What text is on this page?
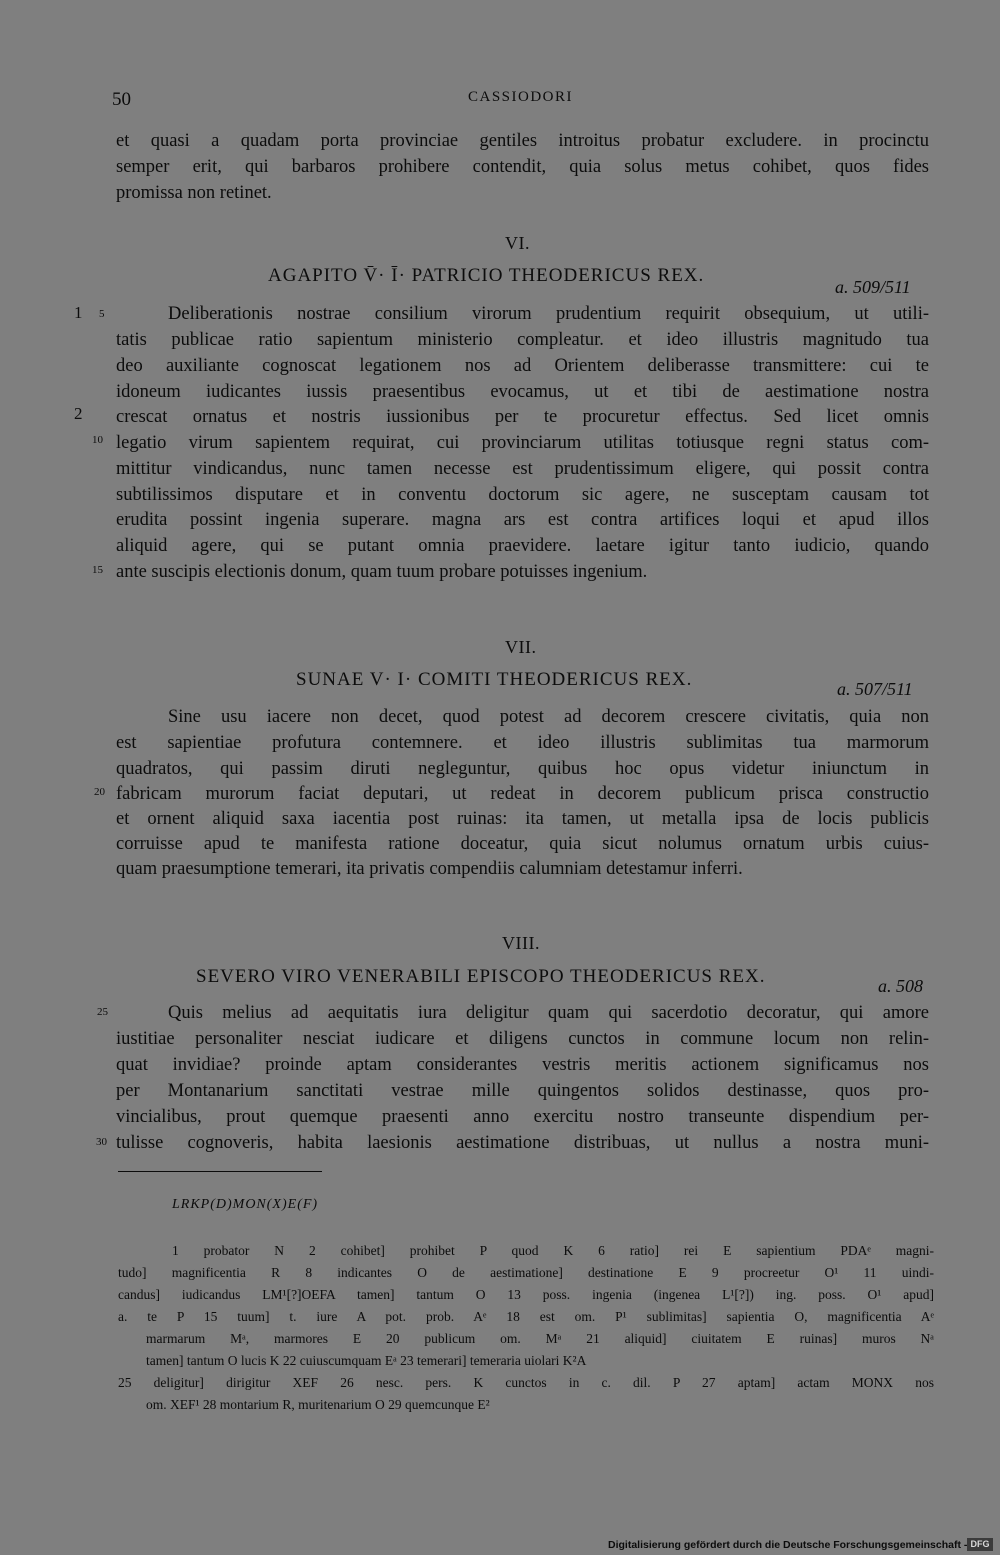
50	CASSIODORI
et quasi a quadam porta provinciae gentiles introitus probatur excludere. in procinctu
semper erit, qui barbaros prohibere contendit, quia solus metus cohibet, quos fides
promissa non retinet.
VI.
AGAPITO V̄· Ī· PATRICIO THEODERICUS REX.
a. 509/511
1 5
2
10
15
Deliberationis nostrae consilium virorum prudentium requirit obsequium, ut utili-
tatis publicae ratio sapientum ministerio compleatur. et ideo illustris magnitudo tua
deo auxiliante cognoscat legationem nos ad Orientem deliberasse transmittere: cui te
idoneum iudicantes iussis praesentibus evocamus, ut et tibi de aestimatione nostra
crescat ornatus et nostris iussionibus per te procuretur effectus. Sed licet omnis
legatio virum sapientem requirat, cui provinciarum utilitas totiusque regni status com-
mittitur vindicandus, nunc tamen necesse est prudentissimum eligere, qui possit contra
subtilissimos disputare et in conventu doctorum sic agere, ne susceptam causam tot
erudita possint ingenia superare. magna ars est contra artifices loqui et apud illos
aliquid agere, qui se putant omnia praevidere. laetare igitur tanto iudicio, quando
ante suscipis electionis donum, quam tuum probare potuisses ingenium.
VII.
SUNAE V· I· COMITI THEODERICUS REX.	a. 507/511
20
Sine usu iacere non decet, quod potest ad decorem crescere civitatis, quia non
est sapientiae profutura contemnere. et ideo illustris sublimitas tua marmorum
quadratos, qui passim diruti negleguntur, quibus hoc opus videtur iniunctum in
fabricam murorum faciat deputari, ut redeat in decorem publicum prisca constructio
et ornent aliquid saxa iacentia post ruinas: ita tamen, ut metalla ipsa de locis publicis
corruisse apud te manifesta ratione doceatur, quia sicut nolumus ornatum urbis cuius-
quam praesumptione temerari, ita privatis compendiis calumniam detestamur inferri.
VIII.
SEVERO VIRO VENERABILI EPISCOPO THEODERICUS REX.	a. 508
25
30
Quis melius ad aequitatis iura deligitur quam qui sacerdotio decoratur, qui amore
iustitiae personaliter nesciat iudicare et diligens cunctos in commune locum non relin-
quat invidiae? proinde aptam considerantes vestris meritis actionem significamus nos
per Montanarium sanctitati vestrae mille quingentos solidos destinasse, quos pro-
vincialibus, prout quemque praesenti anno exercitu nostro transeunte dispendium per-
tulisse cognoveris, habita laesionis aestimatione distribuas, ut nullus a nostra muni-
LRKP(D)MON(X)E(F)
1 probator N 2 cohibet] prohibet P quod K 6 ratio] rei E sapientium PDAᵉ magni-
tudo] magnificentia R 8 indicantes O de aestimatione] destinatione E 9 procreetur O¹ 11 uindi-
candus] iudicandus LM¹[?]OEFA tamen] tantum O 13 poss. ingenia (ingenea L¹[?]) ing. poss. O¹ apud]
a. te P 15 tuum] t. iure A pot. prob. Aᵉ 18 est om. P¹ sublimitas] sapientia O, magnificentia Aᵉ
marmarum Mᵃ, marmores E 20 publicum om. Mᵃ 21 aliquid] ciuitatem E ruinas] muros Nᵃ
tamen] tantum O lucis K 22 cuiuscumquam Eᵃ 23 temerari] temeraria uiolari K²A
25 deligitur] dirigitur XEF 26 nesc. pers. K cunctos in c. dil. P 27 aptam] actam MONX nos
om. XEF¹ 28 montarium R, muritenarium O 29 quemcunque E²
Digitalisierung gefördert durch die Deutsche Forschungsgemeinschaft - DFG
